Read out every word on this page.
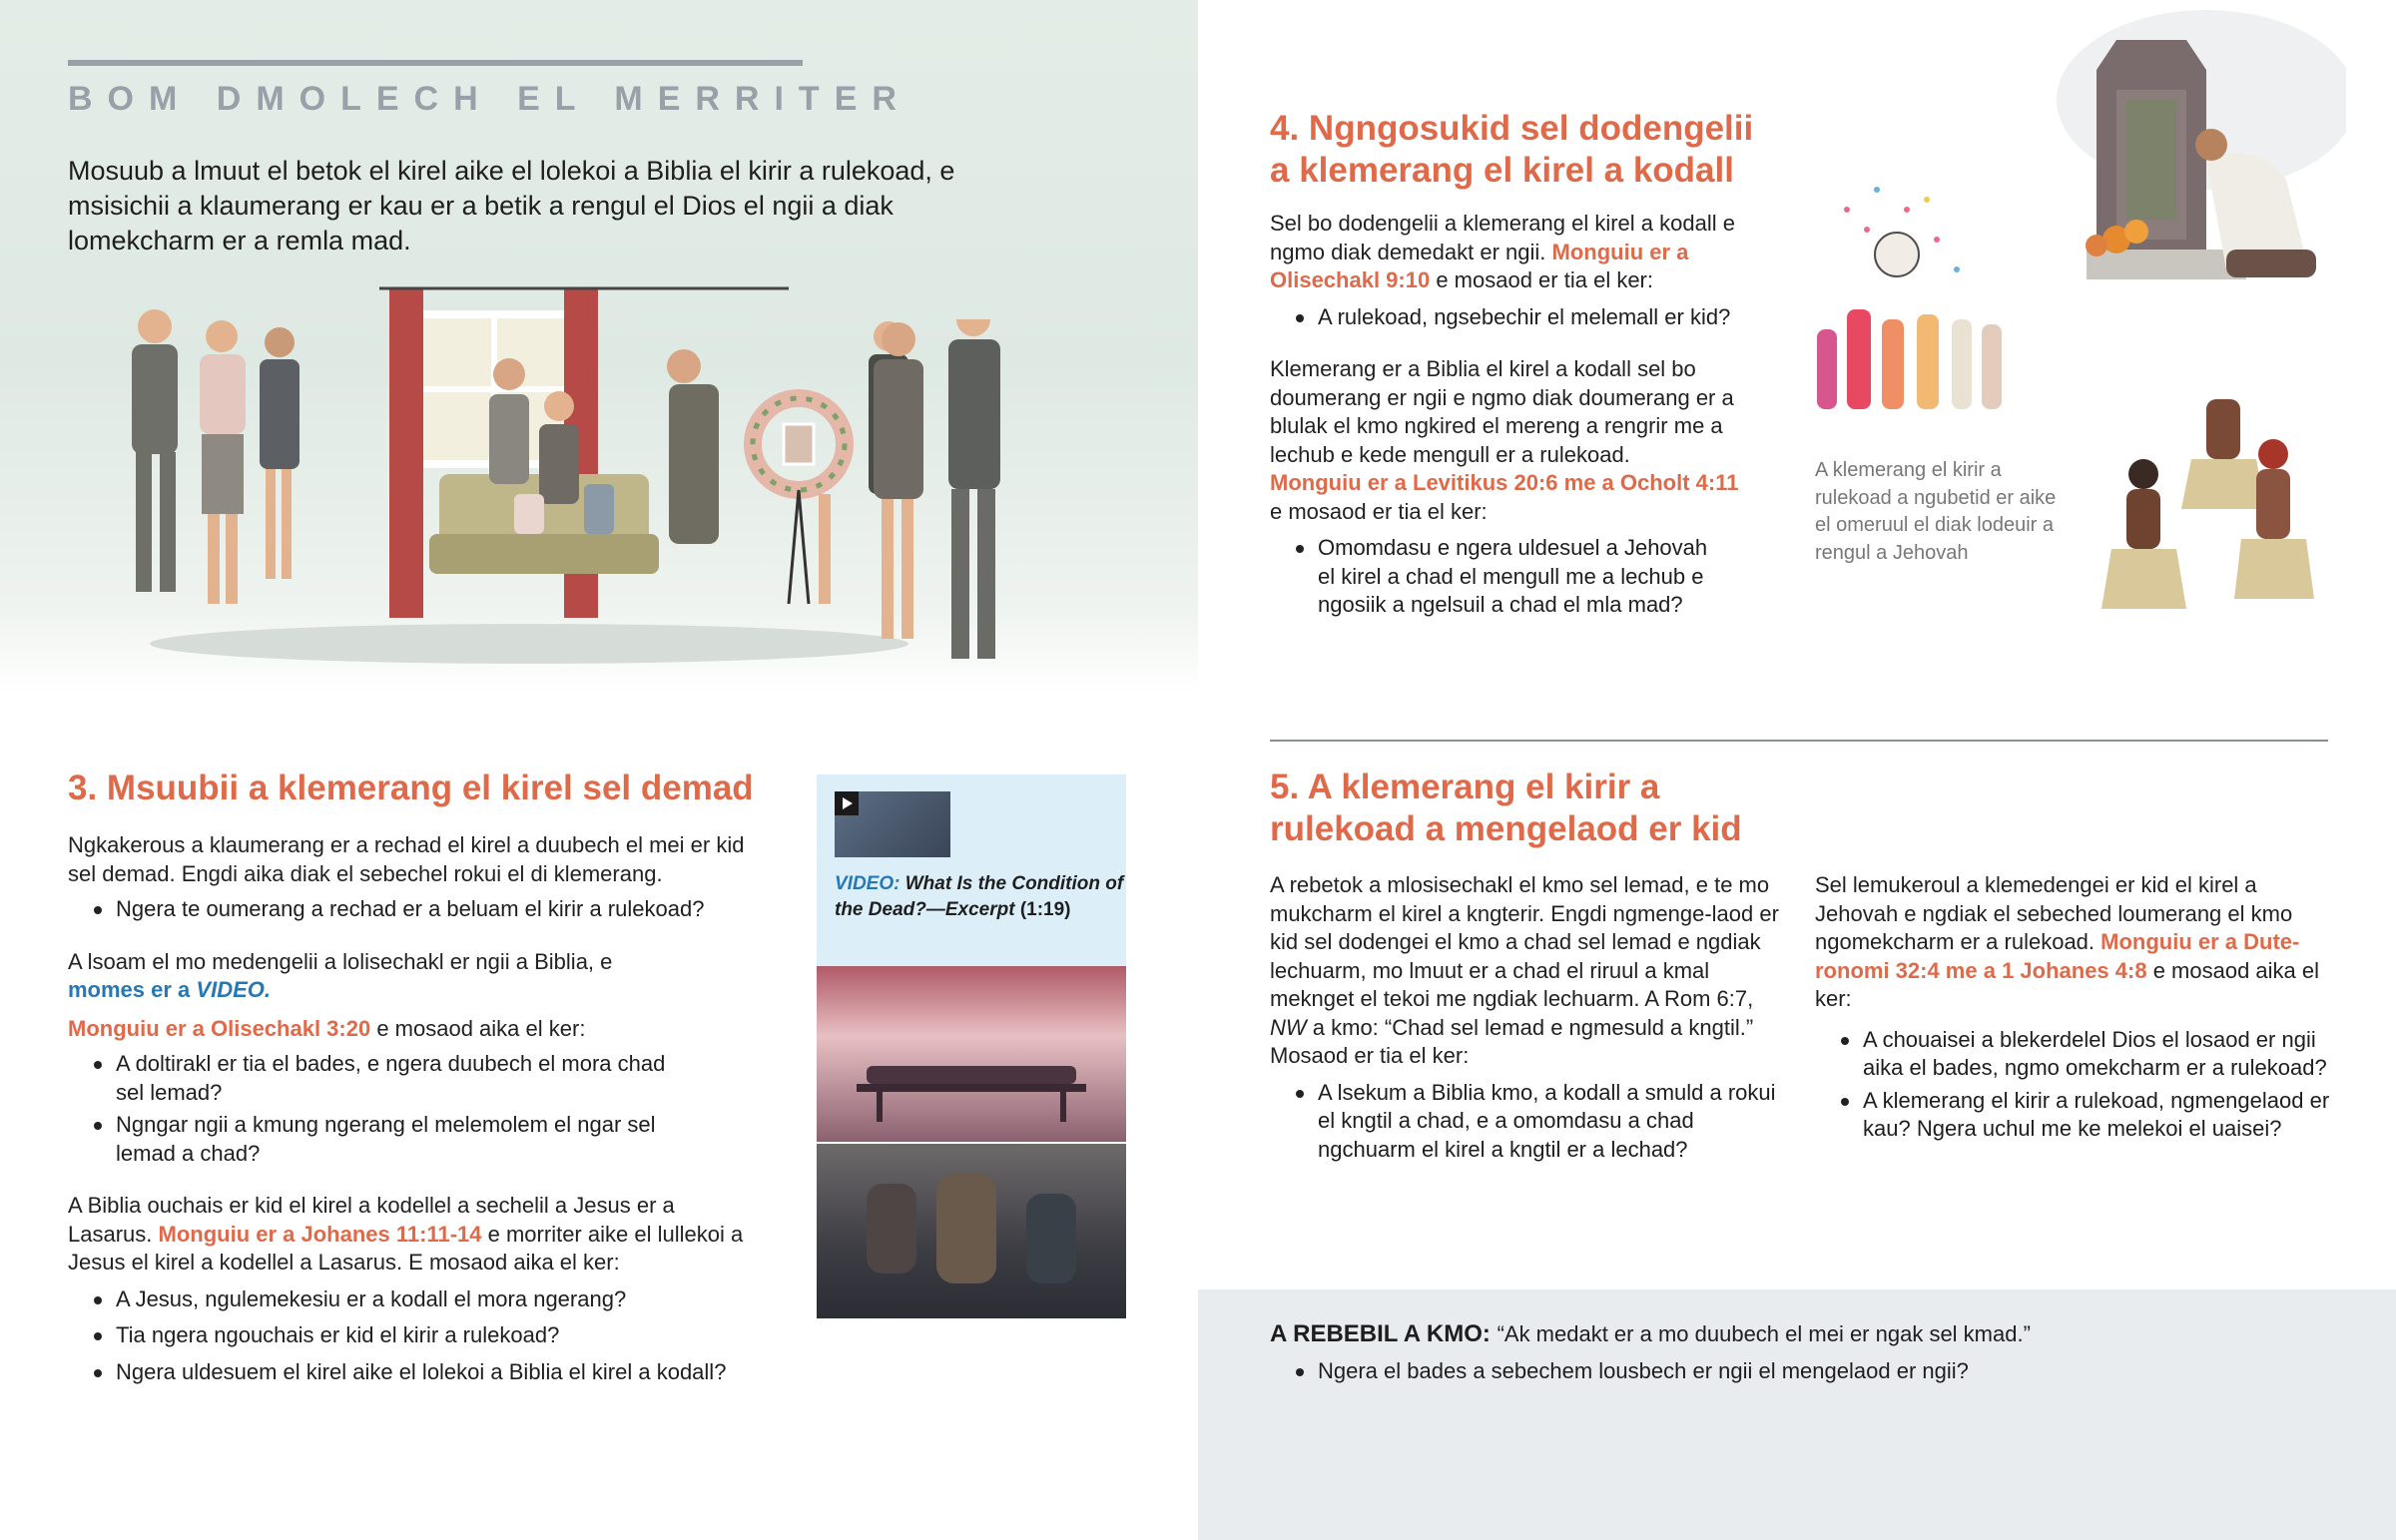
BOM DMOLECH EL MERRITER

Mosuub a lmuut el betok el kirel aike el lolekoi a Biblia el kirir a rulekoad, e msisichii a klaumerang er kau er a betik a rengul el Dios el ngii a diak lomekcharm er a remla mad.

3. Msuubii a klemerang el kirel sel demad

Ngkakerous a klaumerang er a rechad el kirel a duubech el mei er kid sel demad. Engdi aika diak el sebechel rokui el di klemerang.

Ngera te oumerang a rechad er a beluam el kirir a rulekoad?

A lsoam el mo medengelii a lolisechakl er ngii a Biblia, e momes er a VIDEO.

Monguiu er a Olisechakl 3:20 e mosaod aika el ker:

A doltirakl er tia el bades, e ngera duubech el mora chad sel lemad?
Ngngar ngii a kmung ngerang el melemolem el ngar sel lemad a chad?

A Biblia ouchais er kid el kirel a kodellel a sechelil a Jesus er a Lasarus. Monguiu er a Johanes 11:11-14 e morriter aike el lullekoi a Jesus el kirel a kodellel a Lasarus. E mosaod aika el ker:

A Jesus, ngulemekesiu er a kodall el mora ngerang?
Tia ngera ngouchais er kid el kirir a rulekoad?
Ngera uldesuem el kirel aike el lolekoi a Biblia el kirel a kodall?
VIDEO: What Is the Condition of the Dead?—Excerpt (1:19)
4. Ngngosukid sel dodengelii
a klemerang el kirel a kodall

Sel bo dodengelii a klemerang el kirel a kodall e ngmo diak demedakt er ngii. Monguiu er a Olisechakl 9:10 e mosaod er tia el ker:

A rulekoad, ngsebechir el melemall er kid?

Klemerang er a Biblia el kirel a kodall sel bo doumerang er ngii e ngmo diak doumerang er a blulak el kmo ngkired el mereng a rengrir me a lechub e kede mengull er a rulekoad.

Monguiu er a Levitikus 20:6 me a Ocholt 4:11

e mosaod er tia el ker:

Omomdasu e ngera uldesuel a Jehovah el kirel a chad el mengull me a lechub e ngosiik a ngelsuil a chad el mla mad?

A klemerang el kirir a rulekoad a ngubetid er aike el omeruul el diak lodeuir a rengul a Jehovah

5. A klemerang el kirir a
rulekoad a mengelaod er kid

A rebetok a mlosisechakl el kmo sel lemad, e te mo mukcharm el kirel a kngterir. Engdi ngmenge-laod er kid sel dodengei el kmo a chad sel lemad e ngdiak lechuarm, mo lmuut er a chad el riruul a kmal meknget el tekoi me ngdiak lechuarm. A Rom 6:7, NW a kmo: “Chad sel lemad e ngmesuld a kngtil.” Mosaod er tia el ker:

A lsekum a Biblia kmo, a kodall a smuld a rokui el kngtil a chad, e a omomdasu a chad ngchuarm el kirel a kngtil er a lechad?

Sel lemukeroul a klemedengei er kid el kirel a Jehovah e ngdiak el sebeched loumerang el kmo ngomekcharm er a rulekoad. Monguiu er a Dute-ronomi 32:4 me a 1 Johanes 4:8 e mosaod aika el ker:

A chouaisei a blekerdelel Dios el losaod er ngii aika el bades, ngmo omekcharm er a rulekoad?
A klemerang el kirir a rulekoad, ngmengelaod er kau? Ngera uchul me ke melekoi el uaisei?

A REBEBIL A KMO: “Ak medakt er a mo duubech el mei er ngak sel kmad.”

Ngera el bades a sebechem lousbech er ngii el mengelaod er ngii?
